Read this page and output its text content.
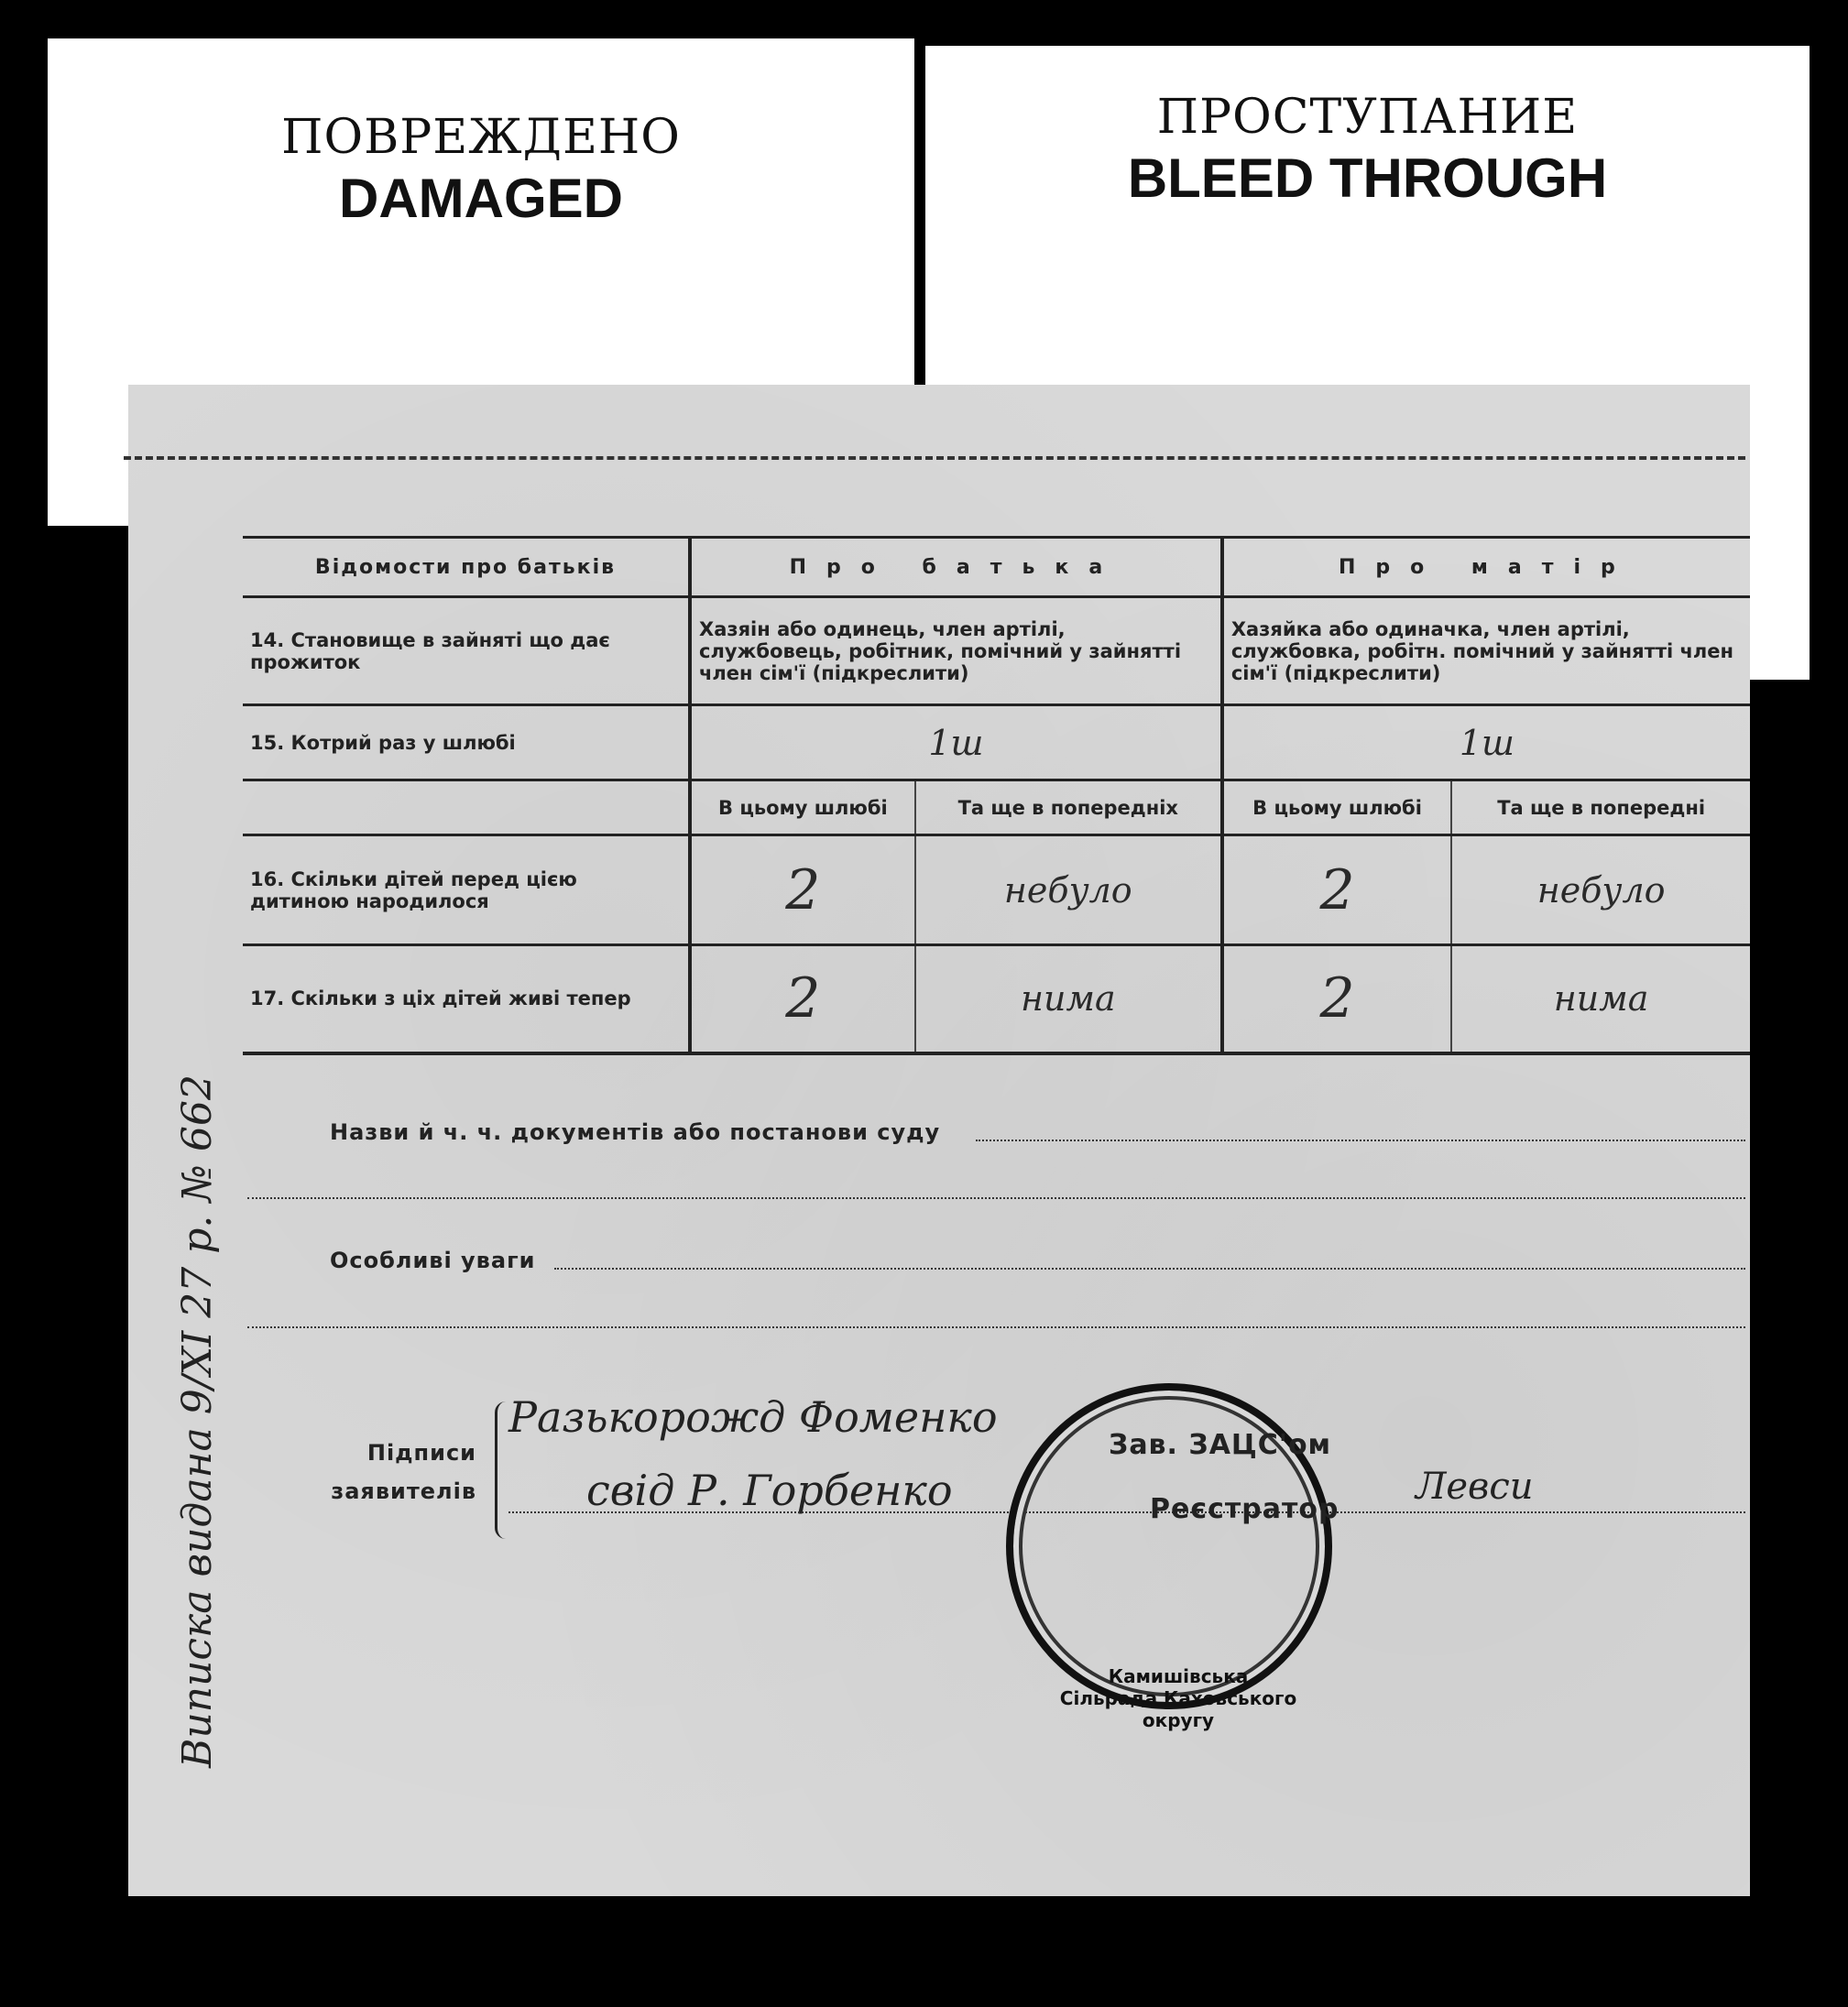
ПОВРЕЖДЕНО
DAMAGED
ПРОСТУПАНИЕ
BLEED THROUGH
Відомости про батьків	Про батька		Про матір	
14. Становище в зайняті що дає прожиток	Хазяін або одинець, член артілі, службовець, робітник, помічний у зайнятті член сім'ї (підкреслити)		Хазяйка або одиначка, член артілі, службовка, робітн. помічний у зайнятті член сім'ї (підкреслити)	
15. Котрий раз у шлюбі	1ш		1ш	
	В цьому шлюбі	Та ще в попередніх	В цьому шлюбі	Та ще в попередні
16. Скільки дітей перед цією дитиною народилося	2	небуло	2	небуло
17. Скільки з ціх дітей живі тепер	2	нима	2	нима
Назви й ч. ч. документів або постанови суду
Особливі уваги
Підписи заявителів
Разькорожд Фоменко
свід Р. Горбенко
Камишівська Сільрада Каховського округу
Зав. ЗАЦС'ом
Реєстратор
Левси
Виписка видана 9/XI 27 р. № 662
